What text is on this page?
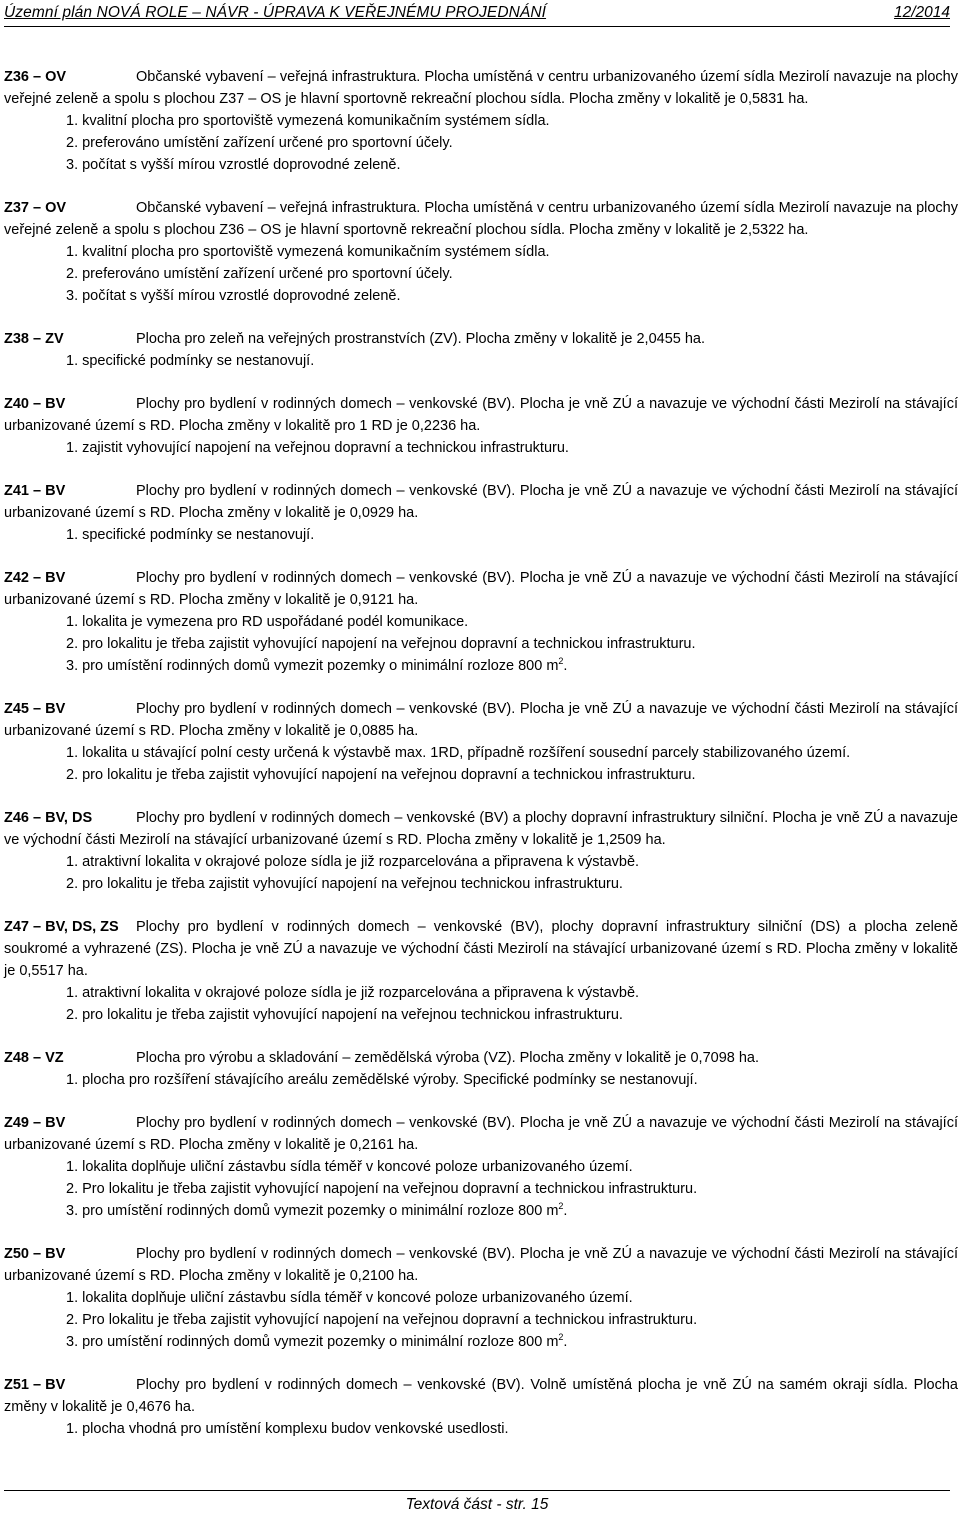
Územní plán NOVÁ ROLE – NÁVR - ÚPRAVA K VEŘEJNÉMU PROJEDNÁNÍ	12/2014
Z36 – OV	Občanské vybavení – veřejná infrastruktura. Plocha umístěná v centru urbanizovaného území sídla Mezirolí navazuje na plochy veřejné zeleně a spolu s plochou Z37 – OS je hlavní sportovně rekreační plochou sídla. Plocha změny v lokalitě je 0,5831 ha.
1. kvalitní plocha pro sportoviště vymezená komunikačním systémem sídla.
2. preferováno umístění zařízení určené pro sportovní účely.
3. počítat s vyšší mírou vzrostlé doprovodné zeleně.
Z37 – OV	Občanské vybavení – veřejná infrastruktura. Plocha umístěná v centru urbanizovaného území sídla Mezirolí navazuje na plochy veřejné zeleně a spolu s plochou Z36 – OS je hlavní sportovně rekreační plochou sídla. Plocha změny v lokalitě je 2,5322 ha.
1. kvalitní plocha pro sportoviště vymezená komunikačním systémem sídla.
2. preferováno umístění zařízení určené pro sportovní účely.
3. počítat s vyšší mírou vzrostlé doprovodné zeleně.
Z38 – ZV	Plocha pro zeleň na veřejných prostranstvích (ZV). Plocha změny v lokalitě je 2,0455 ha.
1. specifické podmínky se nestanovují.
Z40 – BV	Plochy pro bydlení v rodinných domech – venkovské (BV). Plocha je vně ZÚ a navazuje ve východní části Mezirolí na stávající urbanizované území s RD. Plocha změny v lokalitě pro 1 RD je 0,2236 ha.
1. zajistit vyhovující napojení na veřejnou dopravní a technickou infrastrukturu.
Z41 – BV	Plochy pro bydlení v rodinných domech – venkovské (BV). Plocha je vně ZÚ a navazuje ve východní části Mezirolí na stávající urbanizované území s RD. Plocha změny v lokalitě je 0,0929 ha.
1. specifické podmínky se nestanovují.
Z42 – BV	Plochy pro bydlení v rodinných domech – venkovské (BV). Plocha je vně ZÚ a navazuje ve východní části Mezirolí na stávající urbanizované území s RD. Plocha změny v lokalitě je 0,9121 ha.
1. lokalita je vymezena pro RD uspořádané podél komunikace.
2. pro lokalitu je třeba zajistit vyhovující napojení na veřejnou dopravní a technickou infrastrukturu.
3. pro umístění rodinných domů vymezit pozemky o minimální rozloze 800 $m^2$.
Z45 – BV	Plochy pro bydlení v rodinných domech – venkovské (BV). Plocha je vně ZÚ a navazuje ve východní části Mezirolí na stávající urbanizované území s RD. Plocha změny v lokalitě je 0,0885 ha.
1. lokalita u stávající polní cesty určená k výstavbě max. 1RD, případně rozšíření sousední parcely stabilizovaného území.
2. pro lokalitu je třeba zajistit vyhovující napojení na veřejnou dopravní a technickou infrastrukturu.
Z46 – BV, DS	Plochy pro bydlení v rodinných domech – venkovské (BV) a plochy dopravní infrastruktury silniční. Plocha je vně ZÚ a navazuje ve východní části Mezirolí na stávající urbanizované území s RD. Plocha změny v lokalitě je 1,2509 ha.
1. atraktivní lokalita v okrajové poloze sídla je již rozparcelována a připravena k výstavbě.
2. pro lokalitu je třeba zajistit vyhovující napojení na veřejnou technickou infrastrukturu.
Z47 – BV, DS, ZS Plochy pro bydlení v rodinných domech – venkovské (BV), plochy dopravní infrastruktury silniční (DS) a plocha zeleně soukromé a vyhrazené (ZS). Plocha je vně ZÚ a navazuje ve východní části Mezirolí na stávající urbanizované území s RD. Plocha změny v lokalitě je 0,5517 ha.
1. atraktivní lokalita v okrajové poloze sídla je již rozparcelována a připravena k výstavbě.
2. pro lokalitu je třeba zajistit vyhovující napojení na veřejnou technickou infrastrukturu.
Z48 – VZ	Plocha pro výrobu a skladování – zemědělská výroba (VZ). Plocha změny v lokalitě je 0,7098 ha.
1. plocha pro rozšíření stávajícího areálu zemědělské výroby. Specifické podmínky se nestanovují.
Z49 – BV	Plochy pro bydlení v rodinných domech – venkovské (BV). Plocha je vně ZÚ a navazuje ve východní části Mezirolí na stávající urbanizované území s RD. Plocha změny v lokalitě je 0,2161 ha.
1. lokalita doplňuje uliční zástavbu sídla téměř v koncové poloze urbanizovaného území.
2. Pro lokalitu je třeba zajistit vyhovující napojení na veřejnou dopravní a technickou infrastrukturu.
3. pro umístění rodinných domů vymezit pozemky o minimální rozloze 800 $m^2$.
Z50 – BV	Plochy pro bydlení v rodinných domech – venkovské (BV). Plocha je vně ZÚ a navazuje ve východní části Mezirolí na stávající urbanizované území s RD. Plocha změny v lokalitě je 0,2100 ha.
1. lokalita doplňuje uliční zástavbu sídla téměř v koncové poloze urbanizovaného území.
2. Pro lokalitu je třeba zajistit vyhovující napojení na veřejnou dopravní a technickou infrastrukturu.
3. pro umístění rodinných domů vymezit pozemky o minimální rozloze 800 $m^2$.
Z51 – BV	Plochy pro bydlení v rodinných domech – venkovské (BV). Volně umístěná plocha je vně ZÚ na samém okraji sídla. Plocha změny v lokalitě je 0,4676 ha.
1. plocha vhodná pro umístění komplexu budov venkovské usedlosti.
Textová část - str. 15
